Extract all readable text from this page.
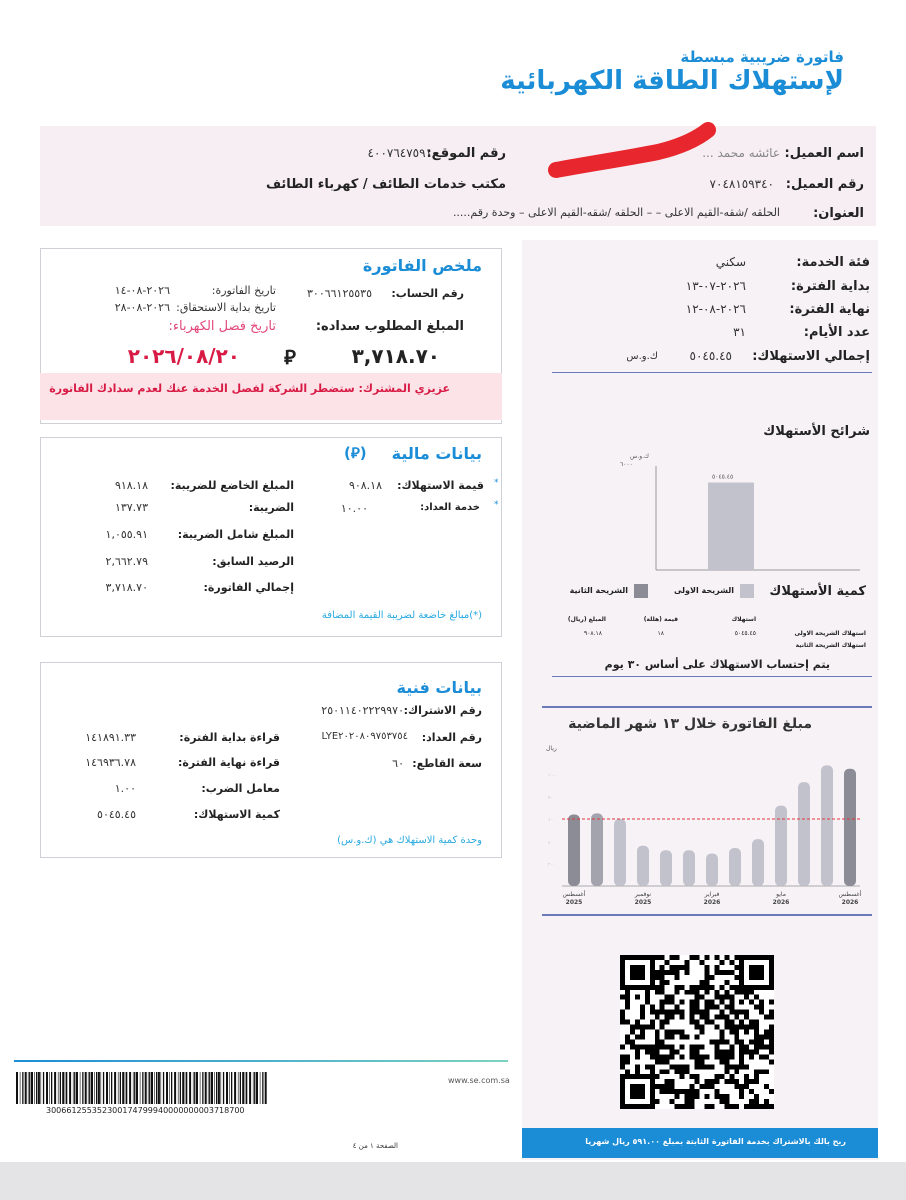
فاتورة ضريبية مبسطة
لإستهلاك الطاقة الكهربائية
اسم العميل:
عائشه محمد ...
رقم الموقع:
٤٠٠٧٦٤٧٥٩١
رقم العميل:
٧٠٤٨١٥٩٣٤٠
مكتب خدمات الطائف / كهرباء الطائف
العنوان:
الحلقه /شقه-القيم الاعلى – – الحلقه /شقه-القيم الاعلى – وحدة رقم.....
فئة الخدمة:
سكني
بداية الفترة:
٢٠٢٦-٠٧-١٣
نهاية الفترة:
٢٠٢٦-٠٨-١٢
عدد الأيام:
٣١
إجمالي الاستهلاك:
٥٠٤٥.٤٥
ك.و.س
شرائح الأستهلاك
ك.و.س
٦٠٠٠
٥٠٤٥.٤٥
كمية الأستهلاك
الشريحة الاولى
الشريحة الثانية
استهلاك
قيمة (هللة)
المبلغ (ريال)
استهلاك الشريحة الاولى
٥٠٤٥.٤٥
١٨
٩٠٨.١٨
استهلاك الشريحة الثانية
يتم إحتساب الاستهلاك على أساس ٣٠ يوم
مبلغ الفاتورة خلال ١٣ شهر الماضية
ريال
٢٠٠
٤٠٠
٦٠٠
٨٠٠
١٬٠٠٠
أغسطس
2025
نوفمبر
2025
فبراير
2026
مايو
2026
أغسطس
2026
ملخص الفاتورة
رقم الحساب:
٣٠٠٦٦١٢٥٥٣٥
تاريخ الفاتورة:
٢٠٢٦-٠٨-١٤
تاريخ بداية الاستحقاق:
٢٠٢٦-٠٨-٢٨
المبلغ المطلوب سداده:
تاريخ فصل الكهرباء:
٣,٧١٨.٧٠
⃁
٢٠٢٦/٠٨/٢٠
عزيزي المشترك: ستضطر الشركة لفصل الخدمة عنك لعدم سدادك الفاتورة
بيانات مالية
(⃁)
*
*
قيمة الاستهلاك:
٩٠٨.١٨
خدمة العداد:
١٠.٠٠
المبلغ الخاضع للضريبة:
٩١٨.١٨
الضريبة:
١٣٧.٧٣
المبلغ شامل الضريبة:
١,٠٥٥.٩١
الرصيد السابق:
٢,٦٦٢.٧٩
إجمالي الفاتورة:
٣,٧١٨.٧٠
(*)مبالغ خاضعة لضريبة القيمة المضافة
بيانات فنية
رقم الاشتراك:
٢٥٠١١٤٠٢٢٢٩٩٧٠
رقم العداد:
LYE٢٠٢٠٨٠٩٧٥٣٧٥٤
سعة القاطع:
٦٠
قراءة بداية الفترة:
١٤١٨٩١.٣٣
قراءة نهاية الفترة:
١٤٦٩٣٦.٧٨
معامل الضرب:
١.٠٠
كمية الاستهلاك:
٥٠٤٥.٤٥
وحدة كمية الاستهلاك هي (ك.و.س)
www.se.com.sa
300661255352300174799940000000003718700
الصفحة ١ من ٤	ربح بالك بالاشتراك بخدمة الفاتورة الثابتة بمبلغ ٥٩١.٠٠ ريال شهريا
